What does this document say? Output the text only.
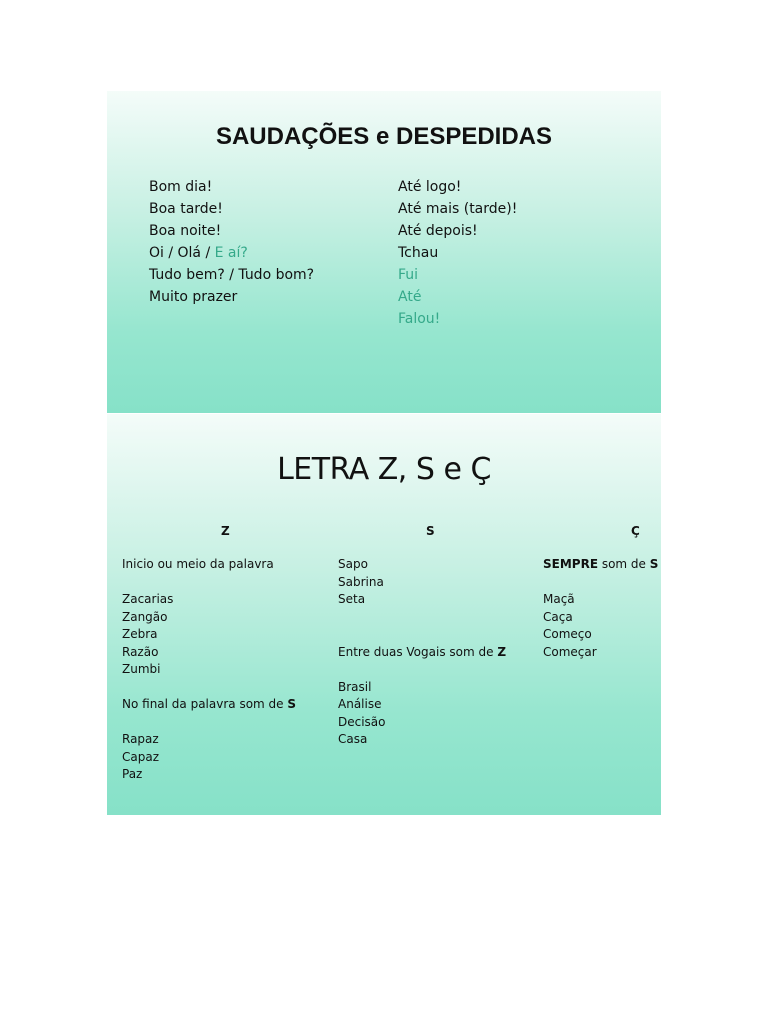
SAUDAÇÕES e DESPEDIDAS
Bom dia!
Boa tarde!
Boa noite!
Oi / Olá / E aí?
Tudo bem? / Tudo bom?
Muito prazer
Até logo!
Até mais (tarde)!
Até depois!
Tchau
Fui
Até
Falou!
LETRA Z, S e Ç
Z	S	Ç
Inicio ou meio da palavra
Zacarias
Zangão
Zebra
Razão
Zumbi
No final da palavra som de S
Rapaz
Capaz
Paz
Sapo
Sabrina
Seta
Entre duas Vogais som de Z
Brasil
Análise
Decisão
Casa
SEMPRE som de S
Maçã
Caça
Começo
Começar
